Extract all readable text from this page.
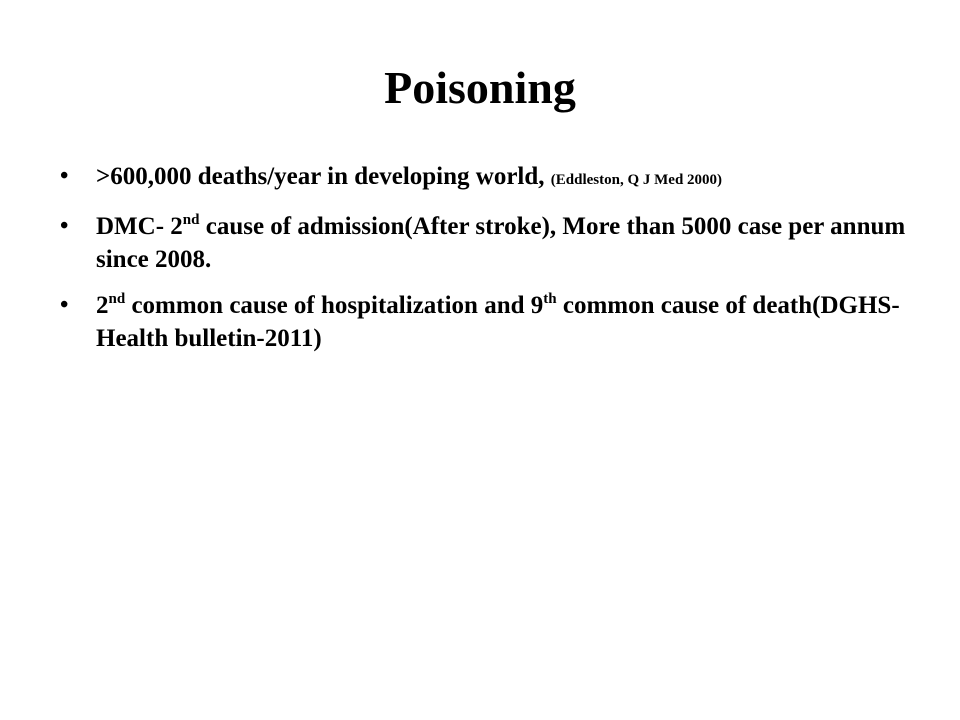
Poisoning
• >600,000 deaths/year in developing world, (Eddleston, Q J Med 2000)
• DMC- 2nd cause of admission(After stroke), More than 5000 case per annum since 2008.
• 2nd common cause of hospitalization and 9th common cause of death(DGHS-Health bulletin-2011)
